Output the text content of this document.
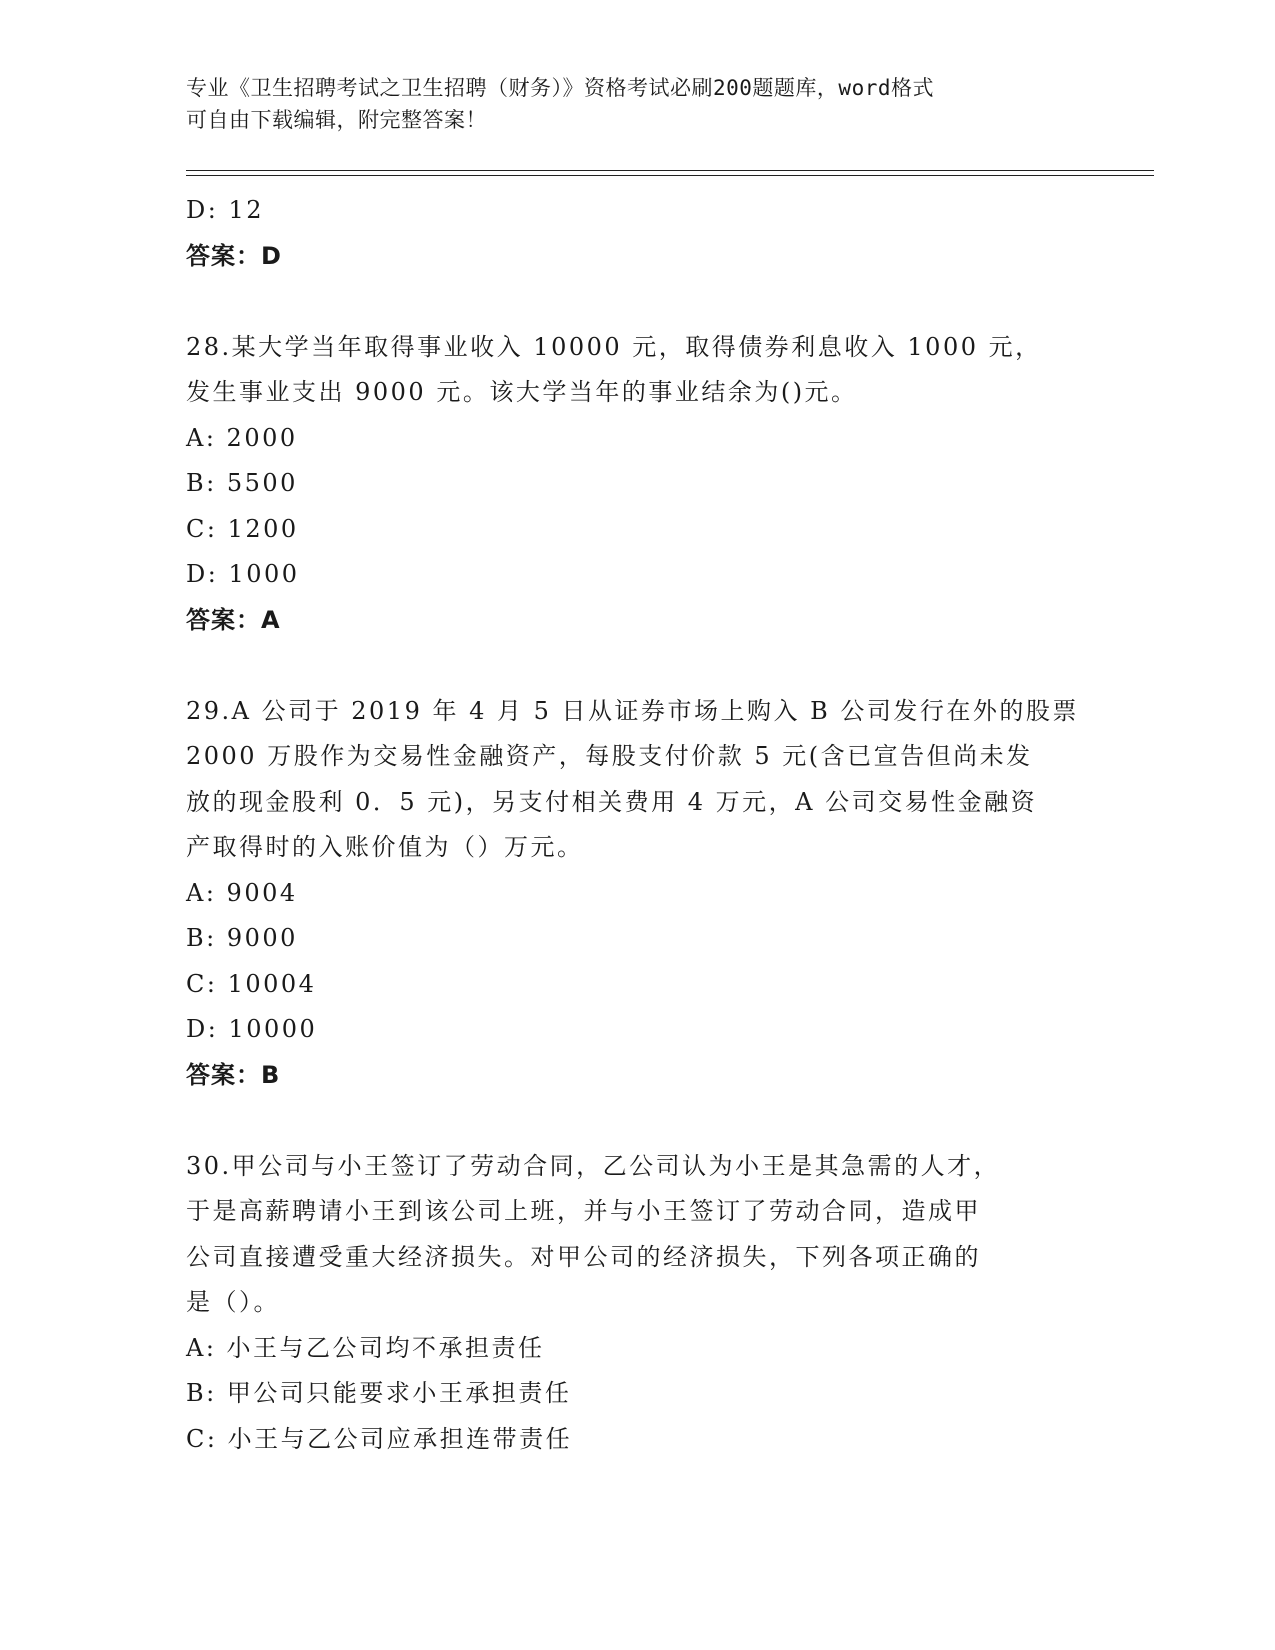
专业《卫生招聘考试之卫生招聘（财务）》资格考试必刷200题题库，word格式
可自由下载编辑，附完整答案！
D: 12
答案：D
28.某大学当年取得事业收入 10000 元，取得债券利息收入 1000 元，
发生事业支出 9000 元。该大学当年的事业结余为()元。
A: 2000
B: 5500
C: 1200
D: 1000
答案：A
29.A 公司于 2019 年 4 月 5 日从证券市场上购入 B 公司发行在外的股票
2000 万股作为交易性金融资产，每股支付价款 5 元(含已宣告但尚未发
放的现金股利 0．5 元)，另支付相关费用 4 万元，A 公司交易性金融资
产取得时的入账价值为（）万元。
A: 9004
B: 9000
C: 10004
D: 10000
答案：B
30.甲公司与小王签订了劳动合同，乙公司认为小王是其急需的人才，
于是高薪聘请小王到该公司上班，并与小王签订了劳动合同，造成甲
公司直接遭受重大经济损失。对甲公司的经济损失，下列各项正确的
是（）。
A: 小王与乙公司均不承担责任
B: 甲公司只能要求小王承担责任
C: 小王与乙公司应承担连带责任
